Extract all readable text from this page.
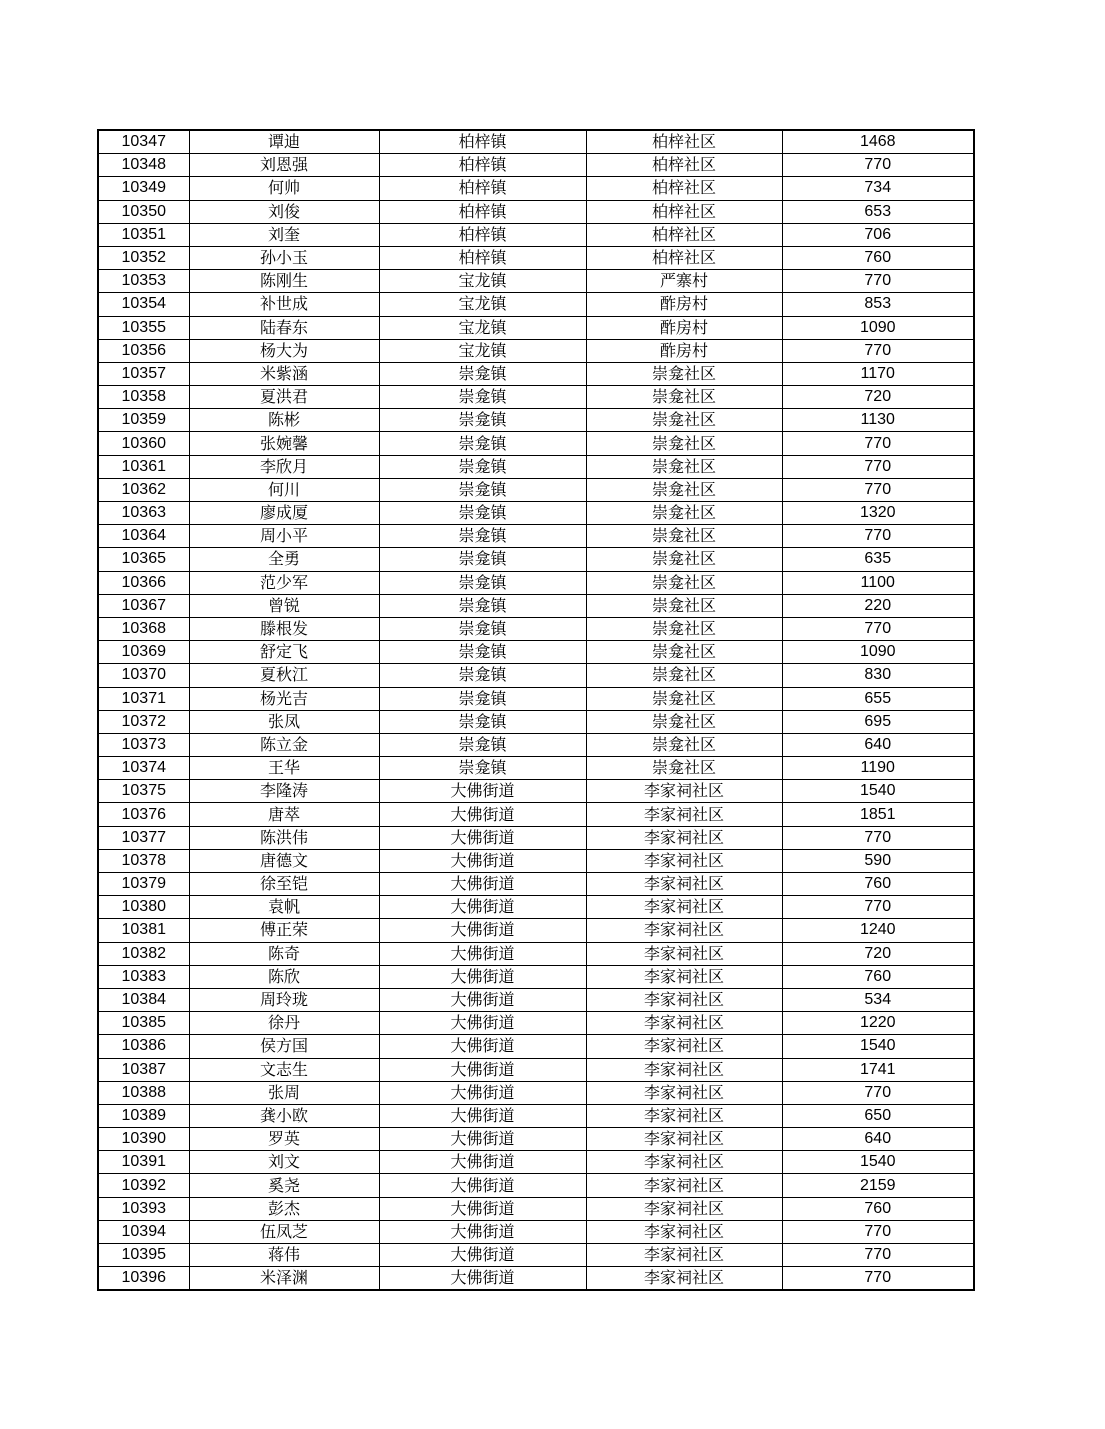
10347	谭迪	柏梓镇	柏梓社区	1468
10348	刘恩强	柏梓镇	柏梓社区	770
10349	何帅	柏梓镇	柏梓社区	734
10350	刘俊	柏梓镇	柏梓社区	653
10351	刘奎	柏梓镇	柏梓社区	706
10352	孙小玉	柏梓镇	柏梓社区	760
10353	陈刚生	宝龙镇	严寨村	770
10354	补世成	宝龙镇	酢房村	853
10355	陆春东	宝龙镇	酢房村	1090
10356	杨大为	宝龙镇	酢房村	770
10357	米紫涵	崇龛镇	崇龛社区	1170
10358	夏洪君	崇龛镇	崇龛社区	720
10359	陈彬	崇龛镇	崇龛社区	1130
10360	张婉馨	崇龛镇	崇龛社区	770
10361	李欣月	崇龛镇	崇龛社区	770
10362	何川	崇龛镇	崇龛社区	770
10363	廖成厦	崇龛镇	崇龛社区	1320
10364	周小平	崇龛镇	崇龛社区	770
10365	全勇	崇龛镇	崇龛社区	635
10366	范少军	崇龛镇	崇龛社区	1100
10367	曾锐	崇龛镇	崇龛社区	220
10368	滕根发	崇龛镇	崇龛社区	770
10369	舒定飞	崇龛镇	崇龛社区	1090
10370	夏秋江	崇龛镇	崇龛社区	830
10371	杨光吉	崇龛镇	崇龛社区	655
10372	张凤	崇龛镇	崇龛社区	695
10373	陈立金	崇龛镇	崇龛社区	640
10374	王华	崇龛镇	崇龛社区	1190
10375	李隆涛	大佛街道	李家祠社区	1540
10376	唐萃	大佛街道	李家祠社区	1851
10377	陈洪伟	大佛街道	李家祠社区	770
10378	唐德文	大佛街道	李家祠社区	590
10379	徐至铠	大佛街道	李家祠社区	760
10380	袁帆	大佛街道	李家祠社区	770
10381	傅正荣	大佛街道	李家祠社区	1240
10382	陈奇	大佛街道	李家祠社区	720
10383	陈欣	大佛街道	李家祠社区	760
10384	周玲珑	大佛街道	李家祠社区	534
10385	徐丹	大佛街道	李家祠社区	1220
10386	侯方国	大佛街道	李家祠社区	1540
10387	文志生	大佛街道	李家祠社区	1741
10388	张周	大佛街道	李家祠社区	770
10389	龚小欧	大佛街道	李家祠社区	650
10390	罗英	大佛街道	李家祠社区	640
10391	刘文	大佛街道	李家祠社区	1540
10392	奚尧	大佛街道	李家祠社区	2159
10393	彭杰	大佛街道	李家祠社区	760
10394	伍凤芝	大佛街道	李家祠社区	770
10395	蒋伟	大佛街道	李家祠社区	770
10396	米泽渊	大佛街道	李家祠社区	770
